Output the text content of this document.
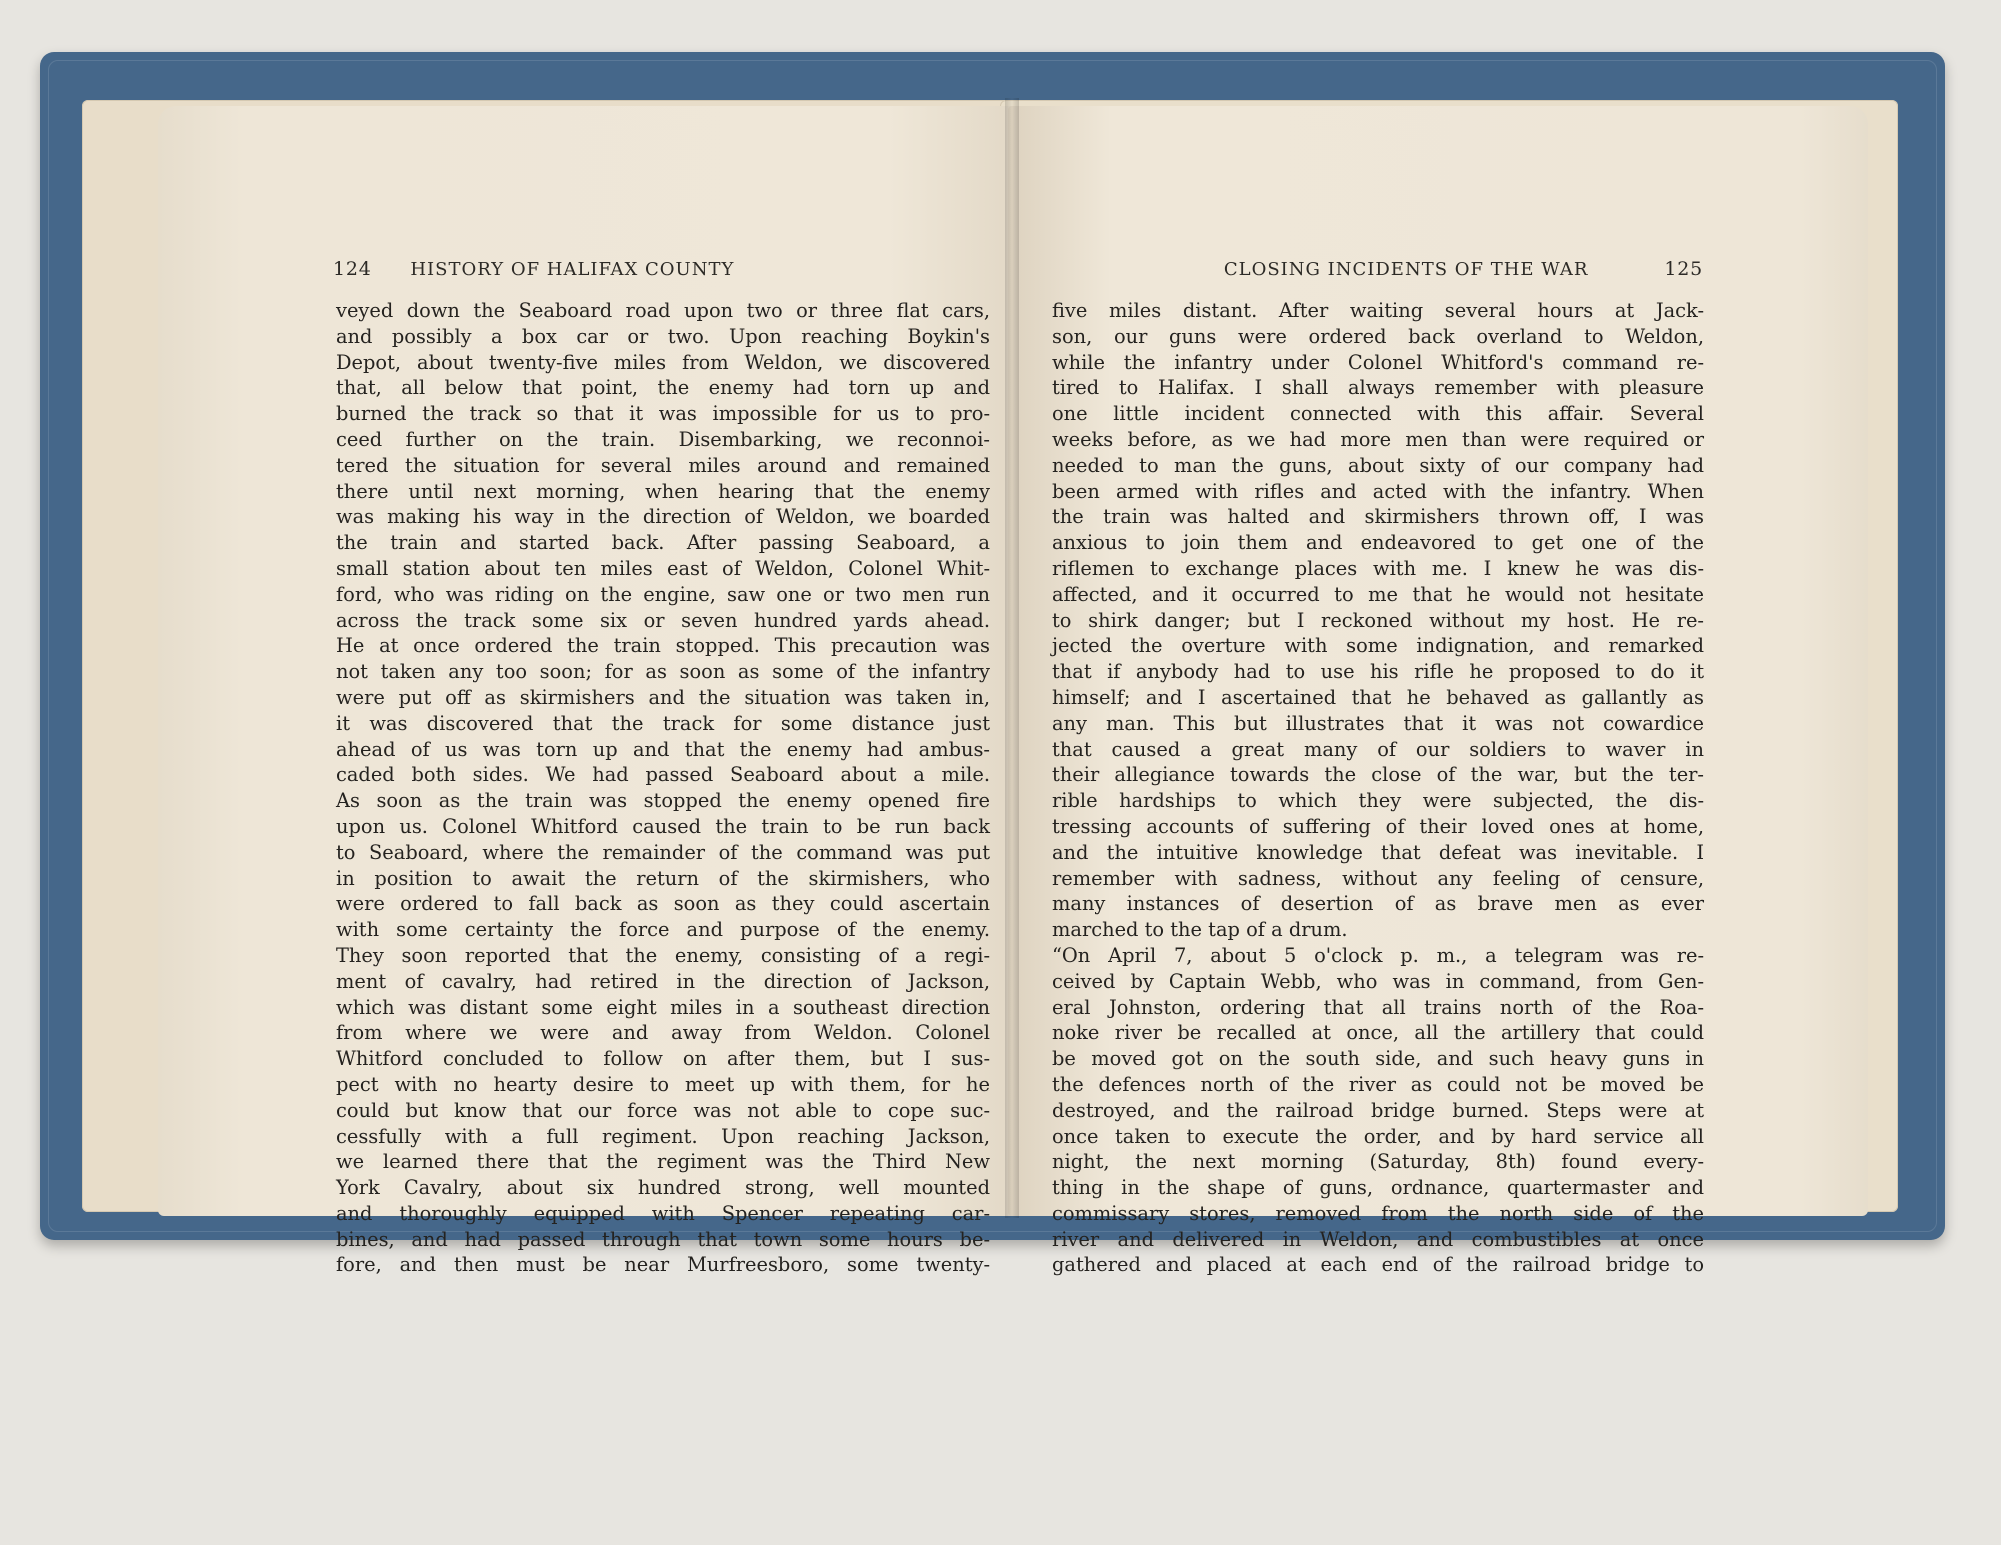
124 HISTORY OF HALIFAX COUNTY	CLOSING INCIDENTS OF THE WAR	125
veyed down the Seaboard road upon two or three flat cars,
and possibly a box car or two. Upon reaching Boykin's
Depot, about twenty-five miles from Weldon, we discovered
that, all below that point, the enemy had torn up and
burned the track so that it was impossible for us to pro-
ceed further on the train. Disembarking, we reconnoi-
tered the situation for several miles around and remained
there until next morning, when hearing that the enemy
was making his way in the direction of Weldon, we boarded
the train and started back. After passing Seaboard, a
small station about ten miles east of Weldon, Colonel Whit-
ford, who was riding on the engine, saw one or two men run
across the track some six or seven hundred yards ahead.
He at once ordered the train stopped. This precaution was
not taken any too soon; for as soon as some of the infantry
were put off as skirmishers and the situation was taken in,
it was discovered that the track for some distance just
ahead of us was torn up and that the enemy had ambus-
caded both sides. We had passed Seaboard about a mile.
As soon as the train was stopped the enemy opened fire
upon us. Colonel Whitford caused the train to be run back
to Seaboard, where the remainder of the command was put
in position to await the return of the skirmishers, who
were ordered to fall back as soon as they could ascertain
with some certainty the force and purpose of the enemy.
They soon reported that the enemy, consisting of a regi-
ment of cavalry, had retired in the direction of Jackson,
which was distant some eight miles in a southeast direction
from where we were and away from Weldon. Colonel
Whitford concluded to follow on after them, but I sus-
pect with no hearty desire to meet up with them, for he
could but know that our force was not able to cope suc-
cessfully with a full regiment. Upon reaching Jackson,
we learned there that the regiment was the Third New
York Cavalry, about six hundred strong, well mounted
and thoroughly equipped with Spencer repeating car-
bines, and had passed through that town some hours be-
fore, and then must be near Murfreesboro, some twenty-
five miles distant. After waiting several hours at Jack-
son, our guns were ordered back overland to Weldon,
while the infantry under Colonel Whitford's command re-
tired to Halifax. I shall always remember with pleasure
one little incident connected with this affair. Several
weeks before, as we had more men than were required or
needed to man the guns, about sixty of our company had
been armed with rifles and acted with the infantry. When
the train was halted and skirmishers thrown off, I was
anxious to join them and endeavored to get one of the
riflemen to exchange places with me. I knew he was dis-
affected, and it occurred to me that he would not hesitate
to shirk danger; but I reckoned without my host. He re-
jected the overture with some indignation, and remarked
that if anybody had to use his rifle he proposed to do it
himself; and I ascertained that he behaved as gallantly as
any man. This but illustrates that it was not cowardice
that caused a great many of our soldiers to waver in
their allegiance towards the close of the war, but the ter-
rible hardships to which they were subjected, the dis-
tressing accounts of suffering of their loved ones at home,
and the intuitive knowledge that defeat was inevitable. I
remember with sadness, without any feeling of censure,
many instances of desertion of as brave men as ever
marched to the tap of a drum.
“On April 7, about 5 o'clock p. m., a telegram was re-
ceived by Captain Webb, who was in command, from Gen-
eral Johnston, ordering that all trains north of the Roa-
noke river be recalled at once, all the artillery that could
be moved got on the south side, and such heavy guns in
the defences north of the river as could not be moved be
destroyed, and the railroad bridge burned. Steps were at
once taken to execute the order, and by hard service all
night, the next morning (Saturday, 8th) found every-
thing in the shape of guns, ordnance, quartermaster and
commissary stores, removed from the north side of the
river and delivered in Weldon, and combustibles at once
gathered and placed at each end of the railroad bridge to
